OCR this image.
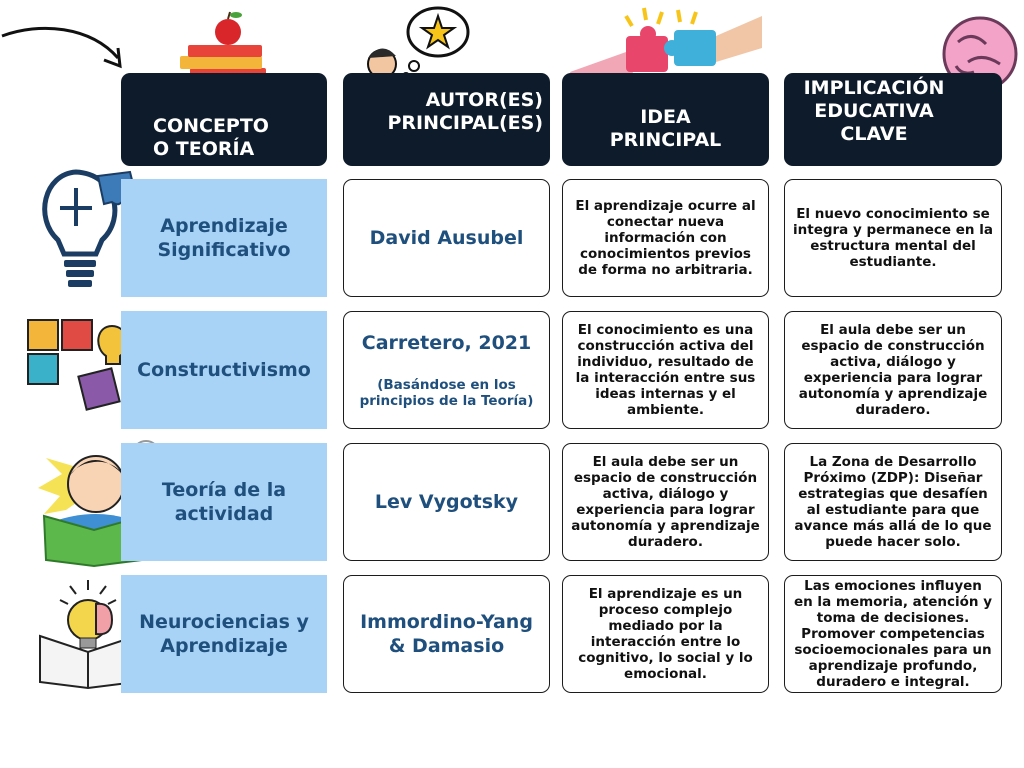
CONCEPTO
O TEORÍA
AUTOR(ES)
PRINCIPAL(ES)	IDEA
PRINCIPAL
IMPLICACIÓN
EDUCATIVA
CLAVE
Aprendizaje Significativo
David Ausubel
El aprendizaje ocurre al conectar nueva información con conocimientos previos de forma no arbitraria.
El nuevo conocimiento se integra y permanece en la estructura mental del estudiante.
Constructivismo
Carretero, 2021
(Basándose en los principios de la Teoría)
El conocimiento es una construcción activa del individuo, resultado de la interacción entre sus ideas internas y el ambiente.
El aula debe ser un espacio de construcción activa, diálogo y experiencia para lograr autonomía y aprendizaje duradero.
Teoría de la actividad
Lev Vygotsky
El aula debe ser un espacio de construcción activa, diálogo y experiencia para lograr autonomía y aprendizaje duradero.
La Zona de Desarrollo Próximo (ZDP): Diseñar estrategias que desafíen al estudiante para que avance más allá de lo que puede hacer solo.
Neurociencias y Aprendizaje
Immordino-Yang & Damasio
El aprendizaje es un proceso complejo mediado por la interacción entre lo cognitivo, lo social y lo emocional.
Las emociones influyen en la memoria, atención y toma de decisiones. Promover competencias socioemocionales para un aprendizaje profundo, duradero e integral.
